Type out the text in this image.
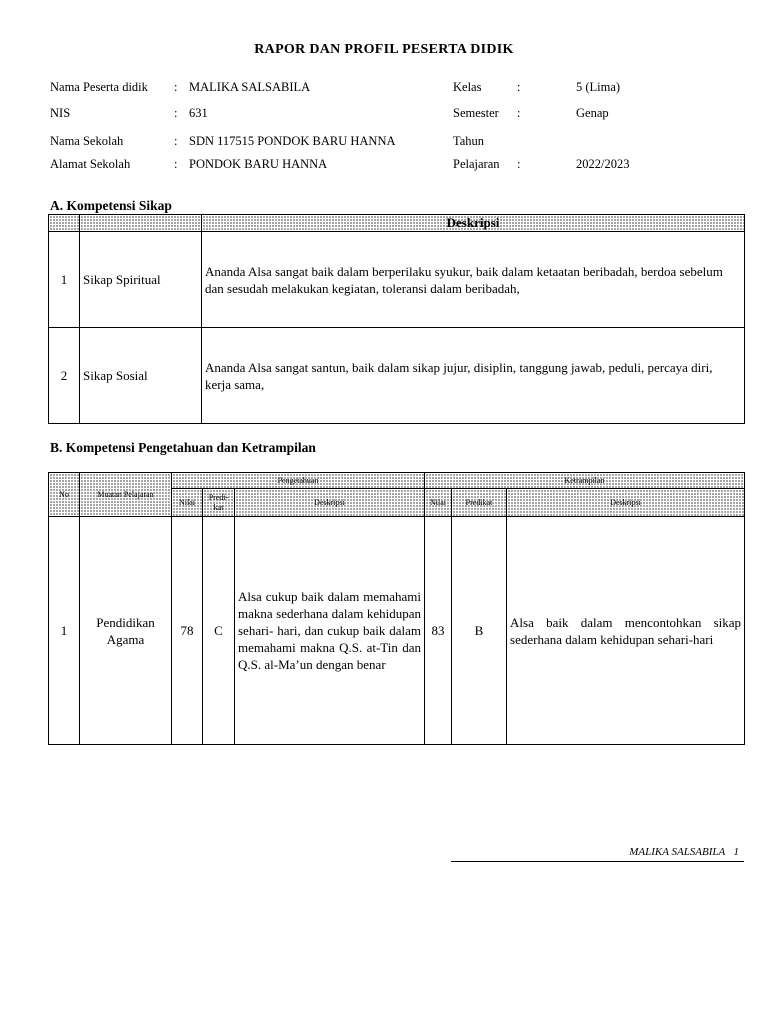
RAPOR DAN PROFIL PESERTA DIDIK
Nama Peserta didik : MALIKA SALSABILA
NIS	: 631
Nama Sekolah	: SDN 117515 PONDOK BARU HANNA
Alamat Sekolah	: PONDOK BARU HANNA
Kelas	:	5 (Lima)
Semester :	Genap
Tahun
Pelajaran :	2022/2023
A. Kompetensi Sikap
		Deskripsi
1	Sikap Spiritual	Ananda Alsa sangat baik dalam berperilaku syukur, baik dalam ketaatan beribadah, berdoa sebelum dan sesudah melakukan kegiatan, toleransi dalam beribadah,
2	Sikap Sosial	Ananda Alsa sangat santun, baik dalam sikap jujur, disiplin, tanggung jawab, peduli, percaya diri, kerja sama,
B. Kompetensi Pengetahuan dan Ketrampilan
No	Muatan Pelajaran	Pengetahuan			Ketrampilan		
		Nilai	Predi- kat	Deskripsi	Nilai	Predikat	Deskripsi
1	Pendidikan Agama	78	C	Alsa cukup baik dalam memahami makna sederhana dalam kehidupan sehari- hari, dan cukup baik dalam memahami makna Q.S. at-Tin dan Q.S. al-Ma’un dengan benar	83	B	Alsa baik dalam mencontohkan sikap sederhana dalam kehidupan sehari-hari
MALIKA SALSABILA 1
